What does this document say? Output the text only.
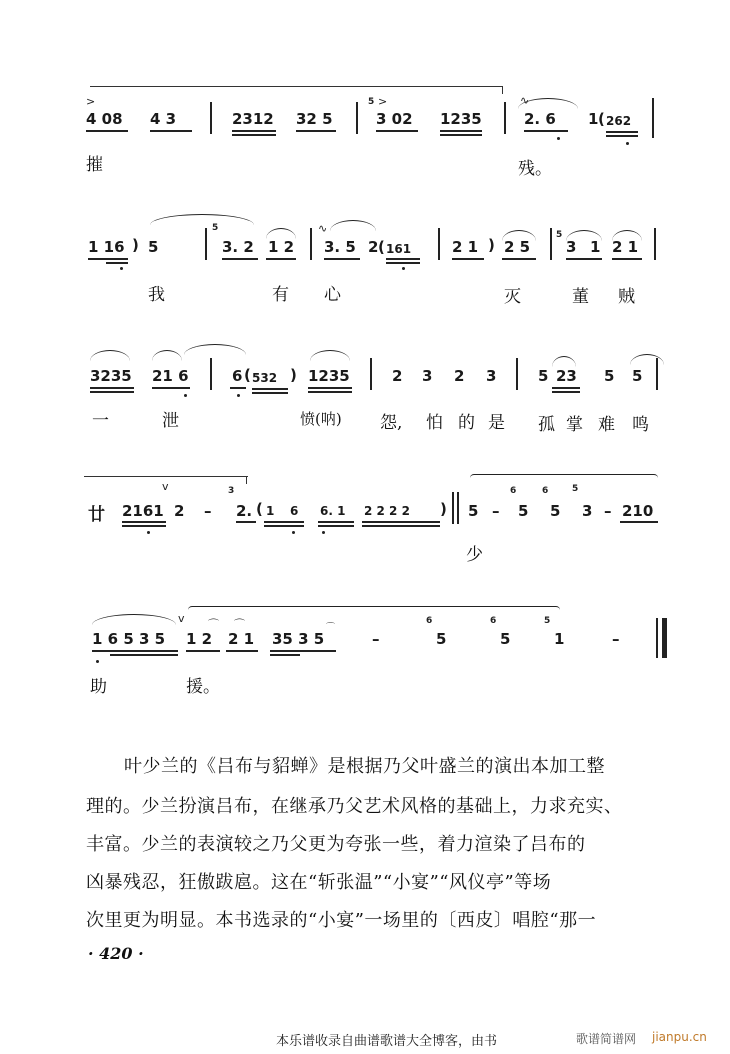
>
4 08 4 3	2312 32 5
5 >
3 02 1235
∿
2. 6 1 ( 262
摧	残。
1 16 ) 5
5
3. 2 1 2
∿
3. 5 2 ( 161	2 1 ) 2 5
5
3 1 2 1
我	有 心	灭	董 贼
3235 21 6	6 ( 532 ) 1235	2 3 2 3	5 23 5 5
一	泄	愤(呐) 怨, 怕 的 是 孤 掌 难 鸣
v
廿 2161 2 –
3
2. ( 1 6 6. 1 2 2 2 2 ) 5 –
6
5
6
5
5
3 – 210
少
v
1 6 5 3 5
⌒
1 2
⌒
2 1 35 3 5
⌒
–
6
5
6
5
5
1	–
助	援。
叶少兰的《吕布与貂蝉》是根据乃父叶盛兰的演出本加工整
理的。少兰扮演吕布，在继承乃父艺术风格的基础上，力求充实、
丰富。少兰的表演较之乃父更为夸张一些，着力渲染了吕布的
凶暴残忍，狂傲跋扈。这在“斩张温”“小宴”“风仪亭”等场
次里更为明显。本书选录的“小宴”一场里的〔西皮〕唱腔“那一
· 420 ·
本乐谱收录自曲谱歌谱大全博客，由书	歌谱简谱网 jianpu.cn
